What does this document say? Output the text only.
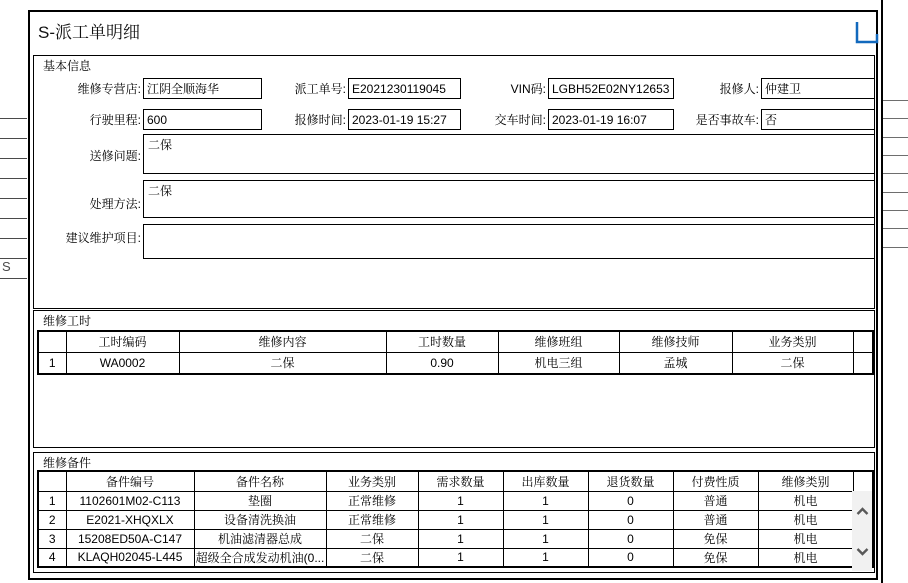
S
S-派工单明细
基本信息
维修专营店:
江阴全顺海华	派工单号:
E2021230119045	VIN码:
LGBH52E02NY126533	报修人:
仲建卫
行驶里程:
600	报修时间:
2023-01-19 15:27	交车时间:
2023-01-19 16:07	是否事故车:
否
送修问题:
二保
处理方法:
二保
建议维护项目:
维修工时
	工时编码	维修内容	工时数量	维修班组	维修技师	业务类别	
1	WA0002	二保	0.90	机电三组	孟城	二保	
维修备件
	备件编号	备件名称	业务类别	需求数量	出库数量	退货数量	付费性质	维修类别	
1	1102601M02-C113	垫圈	正常维修	1	1	0	普通	机电	
2	E2021-XHQXLX	设备清洗换油	正常维修	1	1	0	普通	机电	
3	15208ED50A-C147	机油滤清器总成	二保	1	1	0	免保	机电	
4	KLAQH02045-L445	超级全合成发动机油(0...	二保	1	1	0	免保	机电	
